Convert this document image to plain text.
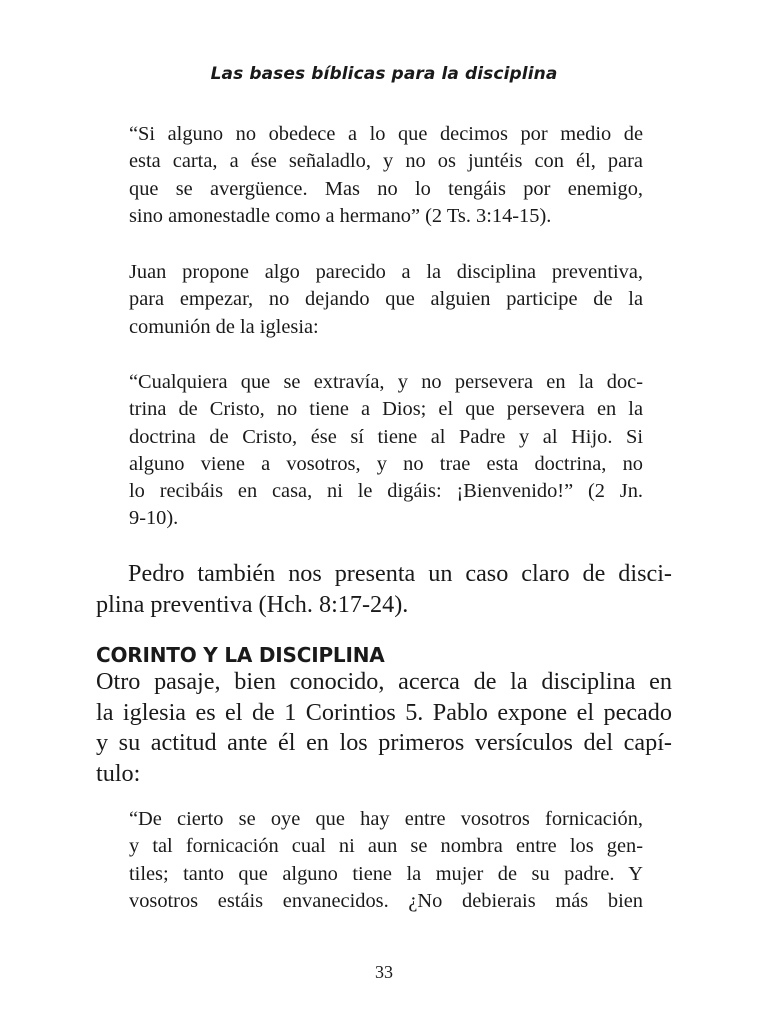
Las bases bíblicas para la disciplina
“Si alguno no obedece a lo que decimos por medio de
esta carta, a ése señaladlo, y no os juntéis con él, para
que se avergüence. Mas no lo tengáis por enemigo,
sino amonestadle como a hermano” (2 Ts. 3:14-15).
Juan propone algo parecido a la disciplina preventiva,
para empezar, no dejando que alguien participe de la
comunión de la iglesia:
“Cualquiera que se extravía, y no persevera en la doc-
trina de Cristo, no tiene a Dios; el que persevera en la
doctrina de Cristo, ése sí tiene al Padre y al Hijo. Si
alguno viene a vosotros, y no trae esta doctrina, no
lo recibáis en casa, ni le digáis: ¡Bienvenido!” (2 Jn.
9-10).
Pedro también nos presenta un caso claro de disci-
plina preventiva (Hch. 8:17-24).
CORINTO Y LA DISCIPLINA
Otro pasaje, bien conocido, acerca de la disciplina en
la iglesia es el de 1 Corintios 5. Pablo expone el pecado
y su actitud ante él en los primeros versículos del capí-
tulo:
“De cierto se oye que hay entre vosotros fornicación,
y tal fornicación cual ni aun se nombra entre los gen-
tiles; tanto que alguno tiene la mujer de su padre. Y
vosotros estáis envanecidos. ¿No debierais más bien
33
